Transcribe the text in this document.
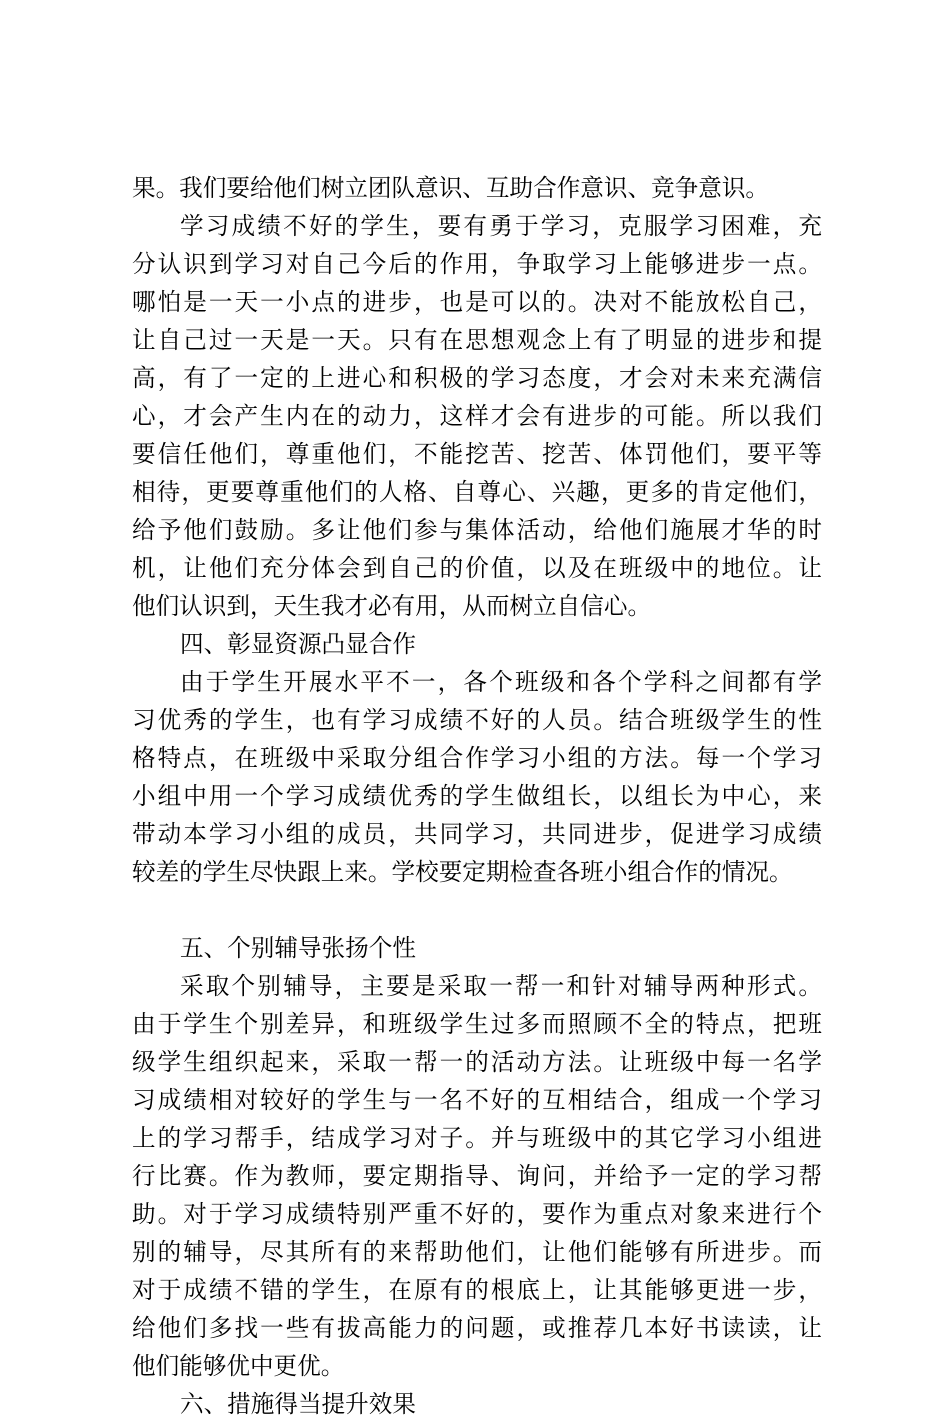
果。我们要给他们树立团队意识、互助合作意识、竞争意识。
学习成绩不好的学生，要有勇于学习，克服学习困难，充
分认识到学习对自己今后的作用，争取学习上能够进步一点。
哪怕是一天一小点的进步，也是可以的。决对不能放松自己，
让自己过一天是一天。只有在思想观念上有了明显的进步和提
高，有了一定的上进心和积极的学习态度，才会对未来充满信
心，才会产生内在的动力，这样才会有进步的可能。所以我们
要信任他们，尊重他们，不能挖苦、挖苦、体罚他们，要平等
相待，更要尊重他们的人格、自尊心、兴趣，更多的肯定他们，
给予他们鼓励。多让他们参与集体活动，给他们施展才华的时
机，让他们充分体会到自己的价值，以及在班级中的地位。让
他们认识到，天生我才必有用，从而树立自信心。
四、彰显资源凸显合作
由于学生开展水平不一，各个班级和各个学科之间都有学
习优秀的学生，也有学习成绩不好的人员。结合班级学生的性
格特点，在班级中采取分组合作学习小组的方法。每一个学习
小组中用一个学习成绩优秀的学生做组长，以组长为中心，来
带动本学习小组的成员，共同学习，共同进步，促进学习成绩
较差的学生尽快跟上来。学校要定期检查各班小组合作的情况。
五、个别辅导张扬个性
采取个别辅导，主要是采取一帮一和针对辅导两种形式。
由于学生个别差异，和班级学生过多而照顾不全的特点，把班
级学生组织起来，采取一帮一的活动方法。让班级中每一名学
习成绩相对较好的学生与一名不好的互相结合，组成一个学习
上的学习帮手，结成学习对子。并与班级中的其它学习小组进
行比赛。作为教师，要定期指导、询问，并给予一定的学习帮
助。对于学习成绩特别严重不好的，要作为重点对象来进行个
别的辅导，尽其所有的来帮助他们，让他们能够有所进步。而
对于成绩不错的学生，在原有的根底上，让其能够更进一步，
给他们多找一些有拔高能力的问题，或推荐几本好书读读，让
他们能够优中更优。
六、措施得当提升效果
